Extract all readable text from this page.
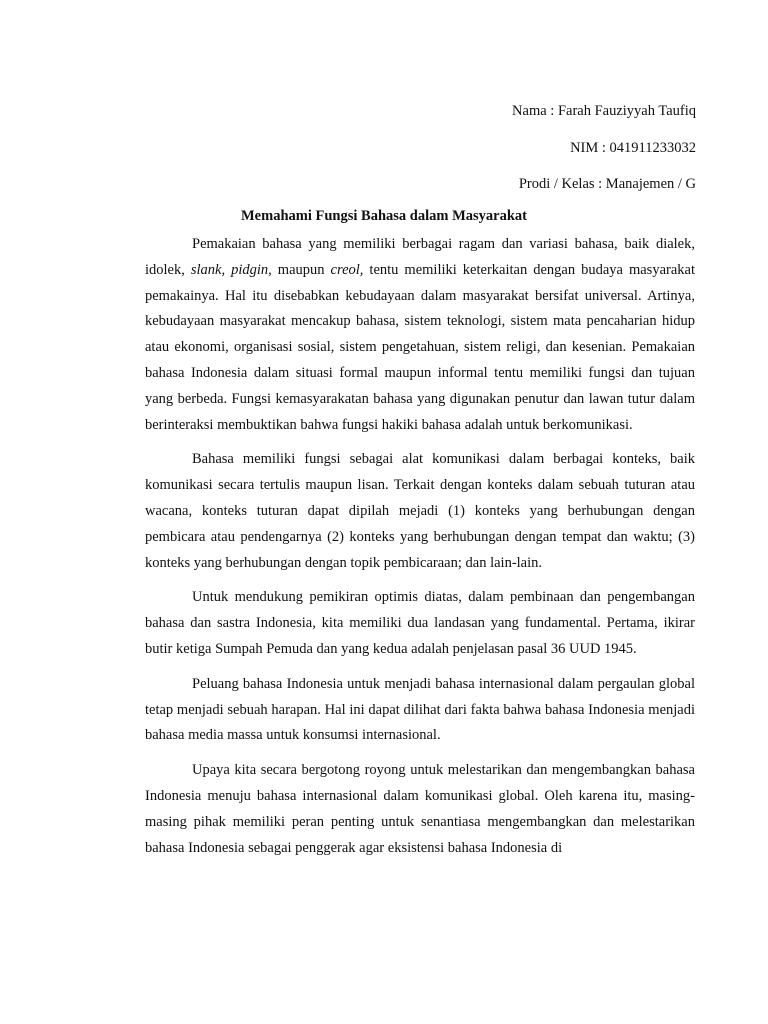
Nama : Farah Fauziyyah Taufiq
NIM : 041911233032
Prodi / Kelas : Manajemen / G
Memahami Fungsi Bahasa dalam Masyarakat

Pemakaian bahasa yang memiliki berbagai ragam dan variasi bahasa, baik dialek, idolek, slank, pidgin, maupun creol, tentu memiliki keterkaitan dengan budaya masyarakat pemakainya. Hal itu disebabkan kebudayaan dalam masyarakat bersifat universal. Artinya, kebudayaan masyarakat mencakup bahasa, sistem teknologi, sistem mata pencaharian hidup atau ekonomi, organisasi sosial, sistem pengetahuan, sistem religi, dan kesenian. Pemakaian bahasa Indonesia dalam situasi formal maupun informal tentu memiliki fungsi dan tujuan yang berbeda. Fungsi kemasyarakatan bahasa yang digunakan penutur dan lawan tutur dalam berinteraksi membuktikan bahwa fungsi hakiki bahasa adalah untuk berkomunikasi.

Bahasa memiliki fungsi sebagai alat komunikasi dalam berbagai konteks, baik komunikasi secara tertulis maupun lisan. Terkait dengan konteks dalam sebuah tuturan atau wacana, konteks tuturan dapat dipilah mejadi (1) konteks yang berhubungan dengan pembicara atau pendengarnya (2) konteks yang berhubungan dengan tempat dan waktu; (3) konteks yang berhubungan dengan topik pembicaraan; dan lain-lain.

Untuk mendukung pemikiran optimis diatas, dalam pembinaan dan pengembangan bahasa dan sastra Indonesia, kita memiliki dua landasan yang fundamental. Pertama, ikirar butir ketiga Sumpah Pemuda dan yang kedua adalah penjelasan pasal 36 UUD 1945.

Peluang bahasa Indonesia untuk menjadi bahasa internasional dalam pergaulan global tetap menjadi sebuah harapan. Hal ini dapat dilihat dari fakta bahwa bahasa Indonesia menjadi bahasa media massa untuk konsumsi internasional.

Upaya kita secara bergotong royong untuk melestarikan dan mengembangkan bahasa Indonesia menuju bahasa internasional dalam komunikasi global. Oleh karena itu, masing-masing pihak memiliki peran penting untuk senantiasa mengembangkan dan melestarikan bahasa Indonesia sebagai penggerak agar eksistensi bahasa Indonesia di
